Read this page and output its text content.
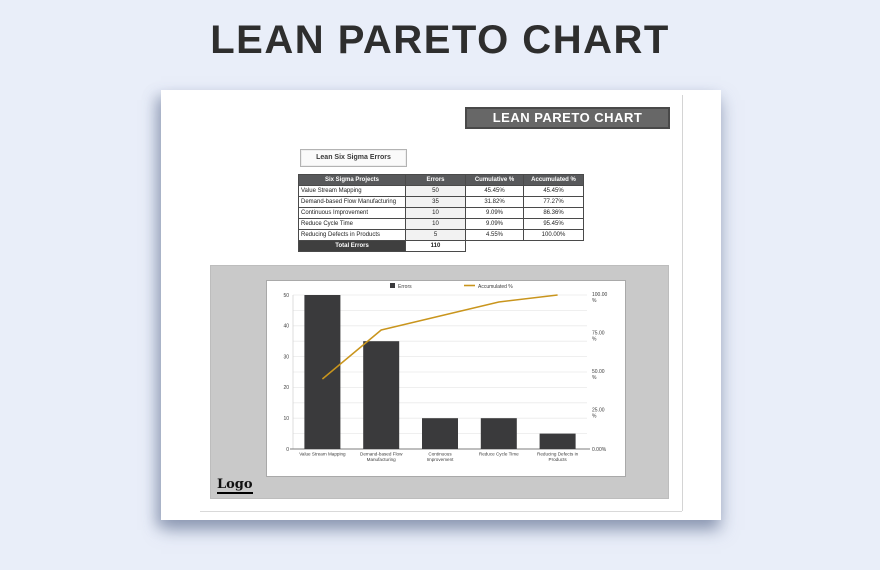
LEAN PARETO CHART
LEAN PARETO CHART
Lean Six Sigma Errors
Six Sigma Projects	Errors	Cumulative %	Accumulated %
Value Stream Mapping	50	45.45%	45.45%
Demand-based Flow Manufacturing	35	31.82%	77.27%
Continuous Improvement	10	9.09%	86.36%
Reduce Cycle Time	10	9.09%	95.45%
Reducing Defects in Products	5	4.55%	100.00%
Total Errors	110		
0
10
20
30
40
50
0.00%
25.00 %
50.00 %
75.00 %
100.00 %
Value Stream Mapping	Demand-based Flow Manufacturing
Continuous Improvement
Reduce Cycle Time	Reducing Defects in Products
Errors	Accumulated %
Logo
